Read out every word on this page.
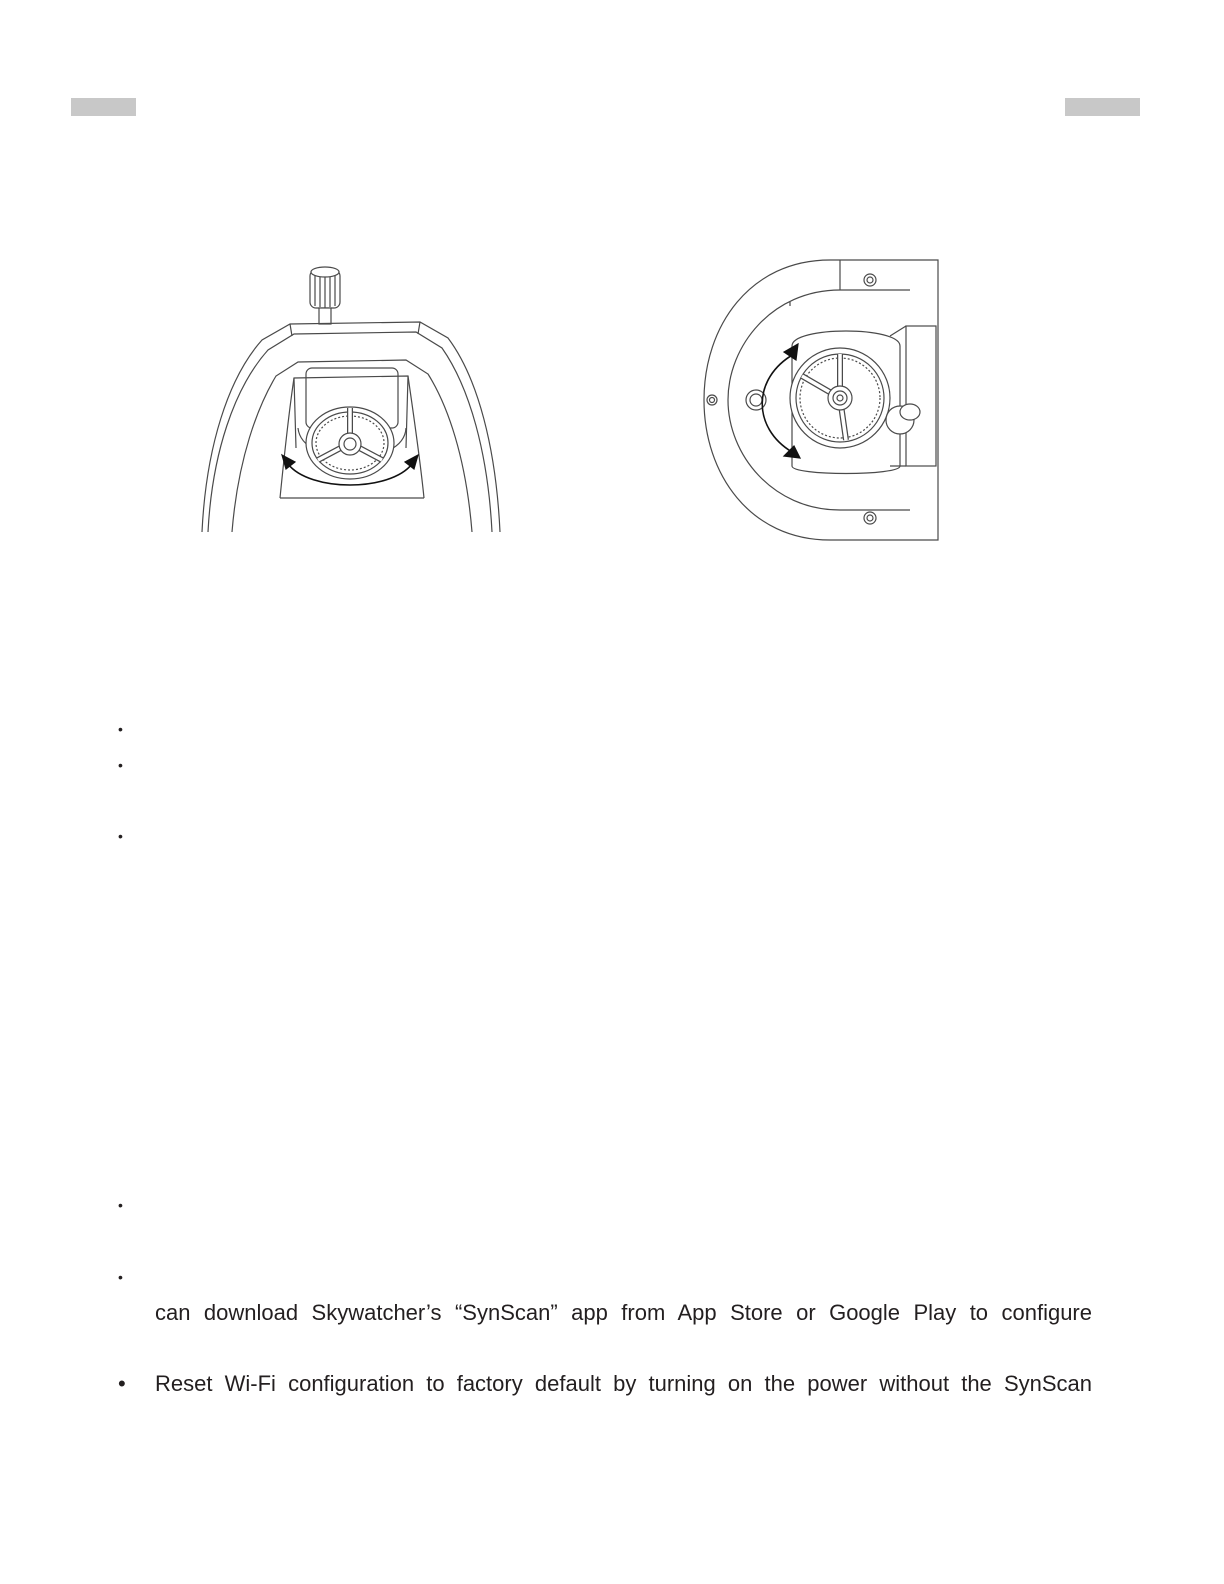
•
•
•
•
•
can download Skywatcher’s “SynScan” app from App Store or Google Play to configure
• Reset Wi-Fi configuration to factory default by turning on the power without the SynScan
